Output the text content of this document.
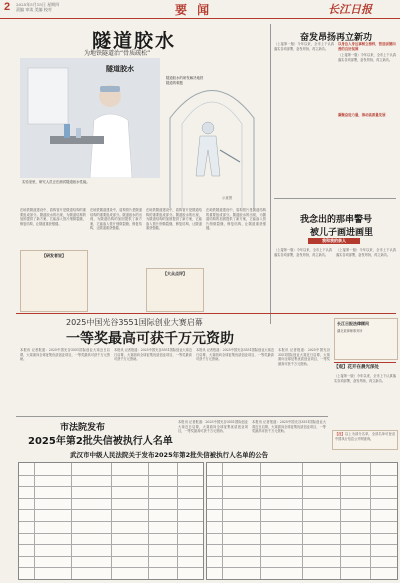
2 2025年5月15日 星期四
责编 审读 美编 校对	要 闻	长江日报
隧道胶水
为地铁隧道治“骨质疏松”
隧道胶水
隧道胶水的研发解决地铁隧道的难题
示意图
实验室里，研究人员正在测试隧道胶水性能。
在地铁隧道建设中，盾构管片是隧道结构的重要组成部分。隧道胶水的出现，为隧道结构的加固提供了新方案，它能渗入管片细微裂缝，修复结构，让隧道重获强健。
【研发者说】
在地铁隧道建设中，盾构管片是隧道结构的重要组成部分。隧道胶水的出现，为隧道结构的加固提供了新方案，它能渗入管片细微裂缝，修复结构，让隧道重获强健。
在地铁隧道建设中，盾构管片是隧道结构的重要组成部分。隧道胶水的出现，为隧道结构的加固提供了新方案，它能渗入管片细微裂缝，修复结构，让隧道重获强健。
【大众点评】
在地铁隧道建设中，盾构管片是隧道结构的重要组成部分。隧道胶水的出现，为隧道结构的加固提供了新方案，它能渗入管片细微裂缝，修复结构，让隧道重获强健。
奋发昂扬再立新功
（上接第一版）今年以来，全市上下认真落实各项部署，奋发昂扬，再立新功。
以身边人身边事树立榜样，营造崇德向善的良好氛围
（上接第一版）今年以来，全市上下认真落实各项部署，奋发昂扬，再立新功。
凝聚奋进力量，推动高质量发展
我念出的那串警号
被儿子画进画里
我和我的亲人
（上接第一版）今年以来，全市上下认真落实各项部署，奋发昂扬，再立新功。
（上接第一版）今年以来，全市上下认真落实各项部署，奋发昂扬，再立新功。
2025中国光谷3551国际创业大赛启幕
一等奖最高可获千万元资助
本报讯 记者报道：2025中国光谷3551国际创业大赛近日启幕，大赛面向全球征集优质创业项目，一等奖最高可获千万元资助。
本报讯 记者报道：2025中国光谷3551国际创业大赛近日启幕，大赛面向全球征集优质创业项目，一等奖最高可获千万元资助。
本报讯 记者报道：2025中国光谷3551国际创业大赛近日启幕，大赛面向全球征集优质创业项目，一等奖最高可获千万元资助。
长江日报法律顾问
湖北某律师事务所
【观】花开在晨光深处
本报讯 记者报道：2025中国光谷3551国际创业大赛近日启幕，大赛面向全球征集优质创业项目，一等奖最高可获千万元资助。
（上接第一版）今年以来，全市上下认真落实各项部署，奋发昂扬，再立新功。
市法院发布
2025年第2批失信被执行人名单
本报讯 记者报道：2025中国光谷3551国际创业大赛近日启幕，大赛面向全球征集优质创业项目，一等奖最高可获千万元资助。
本报讯 记者报道：2025中国光谷3551国际创业大赛近日启幕，大赛面向全球征集优质创业项目，一等奖最高可获千万元资助。
【注】以上为部分名单，全部名单可登录中国执行信息公开网查询。
武汉市中级人民法院关于发布2025年第2批失信被执行人名单的公告
